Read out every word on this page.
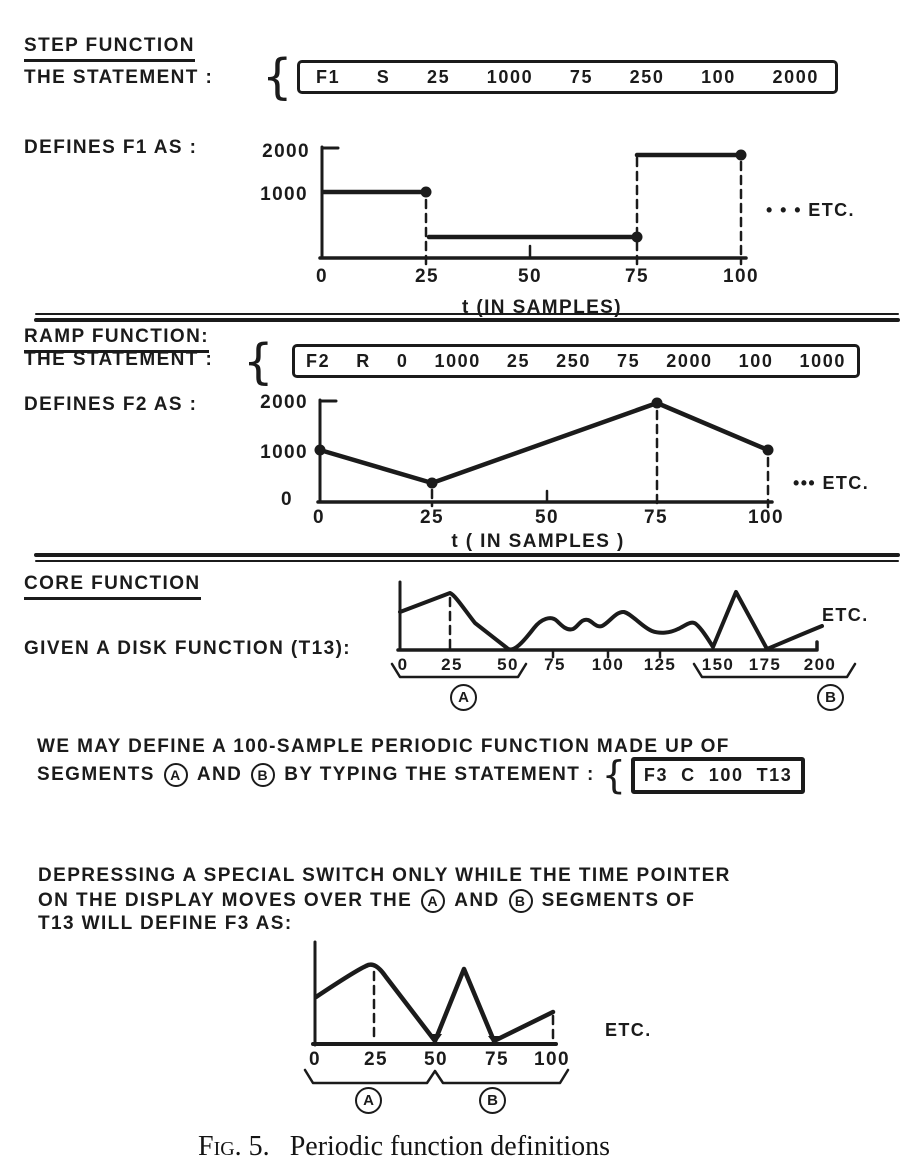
STEP FUNCTION
THE STATEMENT : { F1 S 25 1000 75 250 100 2000
DEFINES F1 AS :	2000
1000
0	25	50	75	100
• • • ETC.
t (IN SAMPLES)
RAMP FUNCTION:
THE STATEMENT : { F2 R 0 1000 25 250 75 2000 100 1000
DEFINES F2 AS :	2000
1000
0
0	25	50	75	100
••• ETC.
t ( IN SAMPLES )
CORE FUNCTION
GIVEN A DISK FUNCTION (T13):
ETC.
0 25 50 75 100 125 150 175 200
A	B
WE MAY DEFINE A 100-SAMPLE PERIODIC FUNCTION MADE UP OF
SEGMENTS	A AND	B BY TYPING THE STATEMENT : { F3 C 100 T13
DEPRESSING A SPECIAL SWITCH ONLY WHILE THE TIME POINTER
ON THE DISPLAY MOVES OVER THE	A AND	B SEGMENTS OF
T13 WILL DEFINE F3 AS:
0 25 50 75 100
ETC.
A	B
Fig. 5. Periodic function definitions
